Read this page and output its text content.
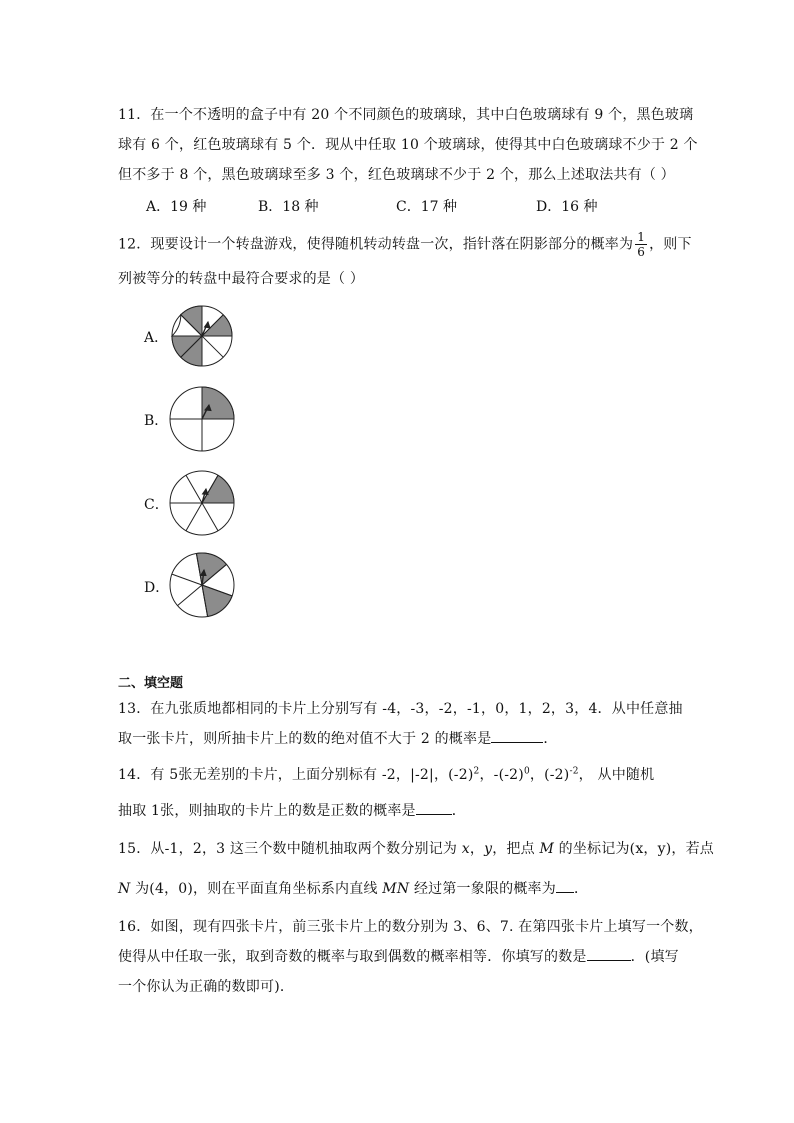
11．在一个不透明的盒子中有 20 个不同颜色的玻璃球，其中白色玻璃球有 9 个，黑色玻璃
球有 6 个，红色玻璃球有 5 个．现从中任取 10 个玻璃球，使得其中白色玻璃球不少于 2 个
但不多于 8 个，黑色玻璃球至多 3 个，红色玻璃球不少于 2 个，那么上述取法共有（ ）
A．19 种	B．18 种	C．17 种	D．16 种
12．现要设计一个转盘游戏，使得随机转动转盘一次，指针落在阴影部分的概率为 $\frac{1}{6}$ ，则下
列被等分的转盘中最符合要求的是（ ）
A．
B．
C．
D．
二、填空题
13．在九张质地都相同的卡片上分别写有 -4，-3，-2，-1，0，1，2，3，4．从中任意抽
取一张卡片，则所抽卡片上的数的绝对值不大于 2 的概率是	．
14．有 5张无差别的卡片，上面分别标有 -2，|-2|，$(-2)^2$，$-(-2)^0$，$(-2)^{-2}$， 从中随机
抽取 1张，则抽取的卡片上的数是正数的概率是	．
15．从-1，2，3 这三个数中随机抽取两个数分别记为 x，y，把点 M 的坐标记为(x，y)，若点
N 为(4，0)，则在平面直角坐标系内直线 MN 经过第一象限的概率为 ．
16．如图，现有四张卡片，前三张卡片上的数分别为 3、6、7. 在第四张卡片上填写一个数，
使得从中任取一张，取到奇数的概率与取到偶数的概率相等．你填写的数是	．(填写
一个你认为正确的数即可)．
